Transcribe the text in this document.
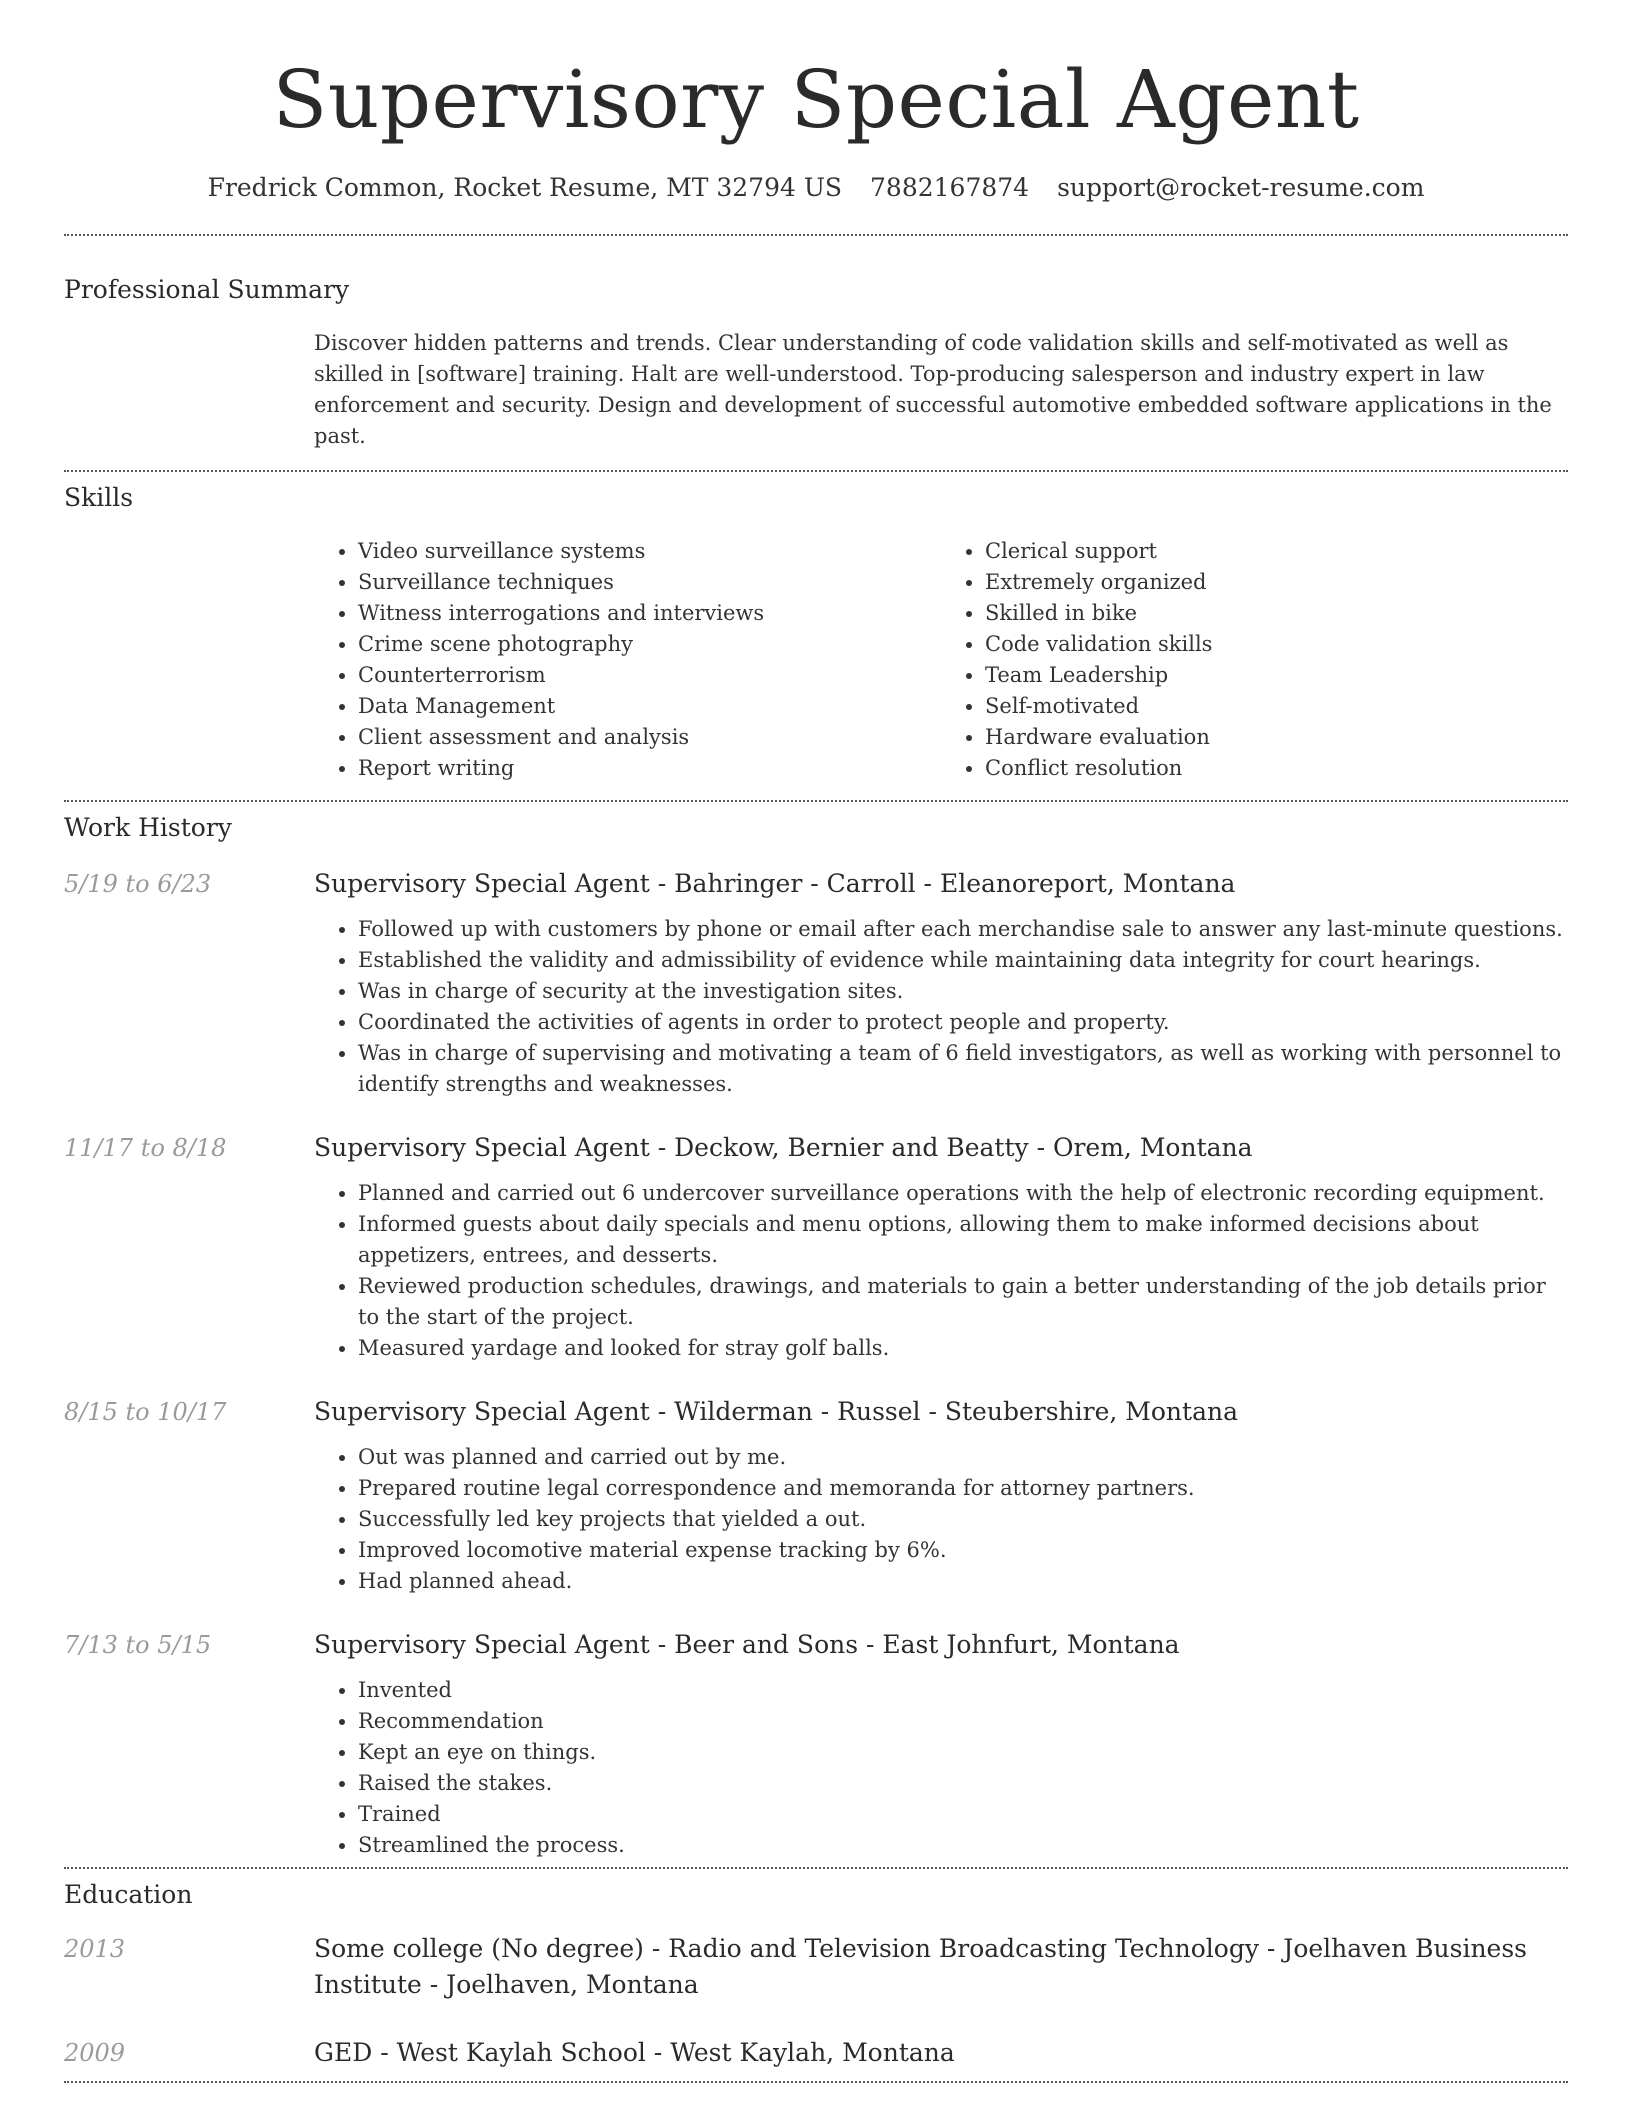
Supervisory Special Agent
Fredrick Common, Rocket Resume, MT 32794 US 7882167874 support@rocket-resume.com
Professional Summary

Discover hidden patterns and trends. Clear understanding of code validation skills and self-motivated as well as skilled in [software] training. Halt are well-understood. Top-producing salesperson and industry expert in law enforcement and security. Design and development of successful automotive embedded software applications in the past.

Skills
• Video surveillance systems
• Surveillance techniques
• Witness interrogations and interviews
• Crime scene photography
• Counterterrorism
• Data Management
• Client assessment and analysis
• Report writing
• Clerical support
• Extremely organized
• Skilled in bike
• Code validation skills
• Team Leadership
• Self-motivated
• Hardware evaluation
• Conflict resolution
Work History
5/19 to 6/23	Supervisory Special Agent - Bahringer - Carroll - Eleanoreport, Montana

• Followed up with customers by phone or email after each merchandise sale to answer any last-minute questions.
• Established the validity and admissibility of evidence while maintaining data integrity for court hearings.
• Was in charge of security at the investigation sites.
• Coordinated the activities of agents in order to protect people and property.
• Was in charge of supervising and motivating a team of 6 field investigators, as well as working with personnel to identify strengths and weaknesses.
11/17 to 8/18	Supervisory Special Agent - Deckow, Bernier and Beatty - Orem, Montana

• Planned and carried out 6 undercover surveillance operations with the help of electronic recording equipment.
• Informed guests about daily specials and menu options, allowing them to make informed decisions about appetizers, entrees, and desserts.
• Reviewed production schedules, drawings, and materials to gain a better understanding of the job details prior to the start of the project.
• Measured yardage and looked for stray golf balls.
8/15 to 10/17	Supervisory Special Agent - Wilderman - Russel - Steubershire, Montana

• Out was planned and carried out by me.
• Prepared routine legal correspondence and memoranda for attorney partners.
• Successfully led key projects that yielded a out.
• Improved locomotive material expense tracking by 6%.
• Had planned ahead.
7/13 to 5/15	Supervisory Special Agent - Beer and Sons - East Johnfurt, Montana

• Invented
• Recommendation
• Kept an eye on things.
• Raised the stakes.
• Trained
• Streamlined the process.
Education
2013	Some college (No degree) - Radio and Television Broadcasting Technology - Joelhaven Business Institute - Joelhaven, Montana

2009	GED - West Kaylah School - West Kaylah, Montana
